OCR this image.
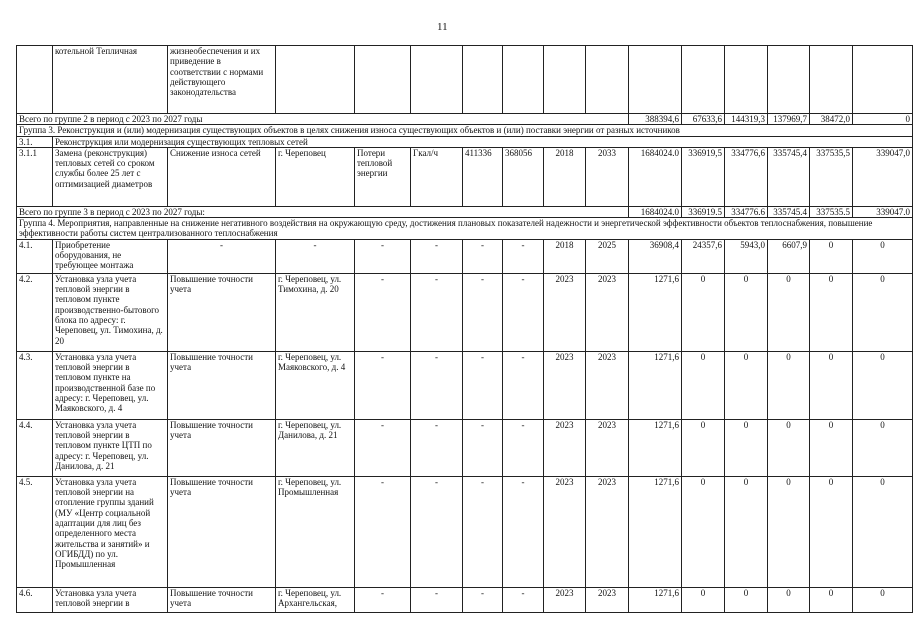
11
	котельной Тепличная	жизнеобеспечения и их приведение в соответствии с нормами действующего законодательства													
Всего по группе 2 в период с 2023 по 2027 годы										388394,6	67633,6	144319,3	137969,7	38472,0	0
Группа 3. Реконструкция и (или) модернизация существующих объектов в целях снижения износа существующих объектов и (или) поставки энергии от разных источников															
3.1.	Реконструкция или модернизация существующих тепловых сетей														
3.1.1	Замена (реконструкция) тепловых сетей со сроком службы более 25 лет с оптимизацией диаметров	Снижение износа сетей	г. Череповец	Потери тепловой энергии	Гкал/ч	411336	368056	2018	2033	1684024.0	336919,5	334776,6	335745,4	337535,5	339047,0
Всего по группе 3 в период с 2023 по 2027 годы:										1684024.0	336919.5	334776.6	335745.4	337535.5	339047.0
Группа 4. Мероприятия, направленные на снижение негативного воздействия на окружающую среду, достижения плановых показателей надежности и энергетической эффективности объектов теплоснабжения, повышение эффективности работы систем централизованного теплоснабжения															
4.1.	Приобретение оборудования, не требующее монтажа	-	-	-	-	-	-	2018	2025	36908,4	24357,6	5943,0	6607,9	0	0
4.2.	Установка узла учета тепловой энергии в тепловом пункте производственно-бытового блока по адресу: г. Череповец, ул. Тимохина, д. 20	Повышение точности учета	г. Череповец, ул. Тимохина, д. 20	-	-	-	-	2023	2023	1271,6	0	0	0	0	0
4.3.	Установка узла учета тепловой энергии в тепловом пункте на производственной базе по адресу: г. Череповец, ул. Маяковского, д. 4	Повышение точности учета	г. Череповец, ул. Маяковского, д. 4	-	-	-	-	2023	2023	1271,6	0	0	0	0	0
4.4.	Установка узла учета тепловой энергии в тепловом пункте ЦТП по адресу: г. Череповец, ул. Данилова, д. 21	Повышение точности учета	г. Череповец, ул. Данилова, д. 21	-	-	-	-	2023	2023	1271,6	0	0	0	0	0
4.5.	Установка узла учета тепловой энергии на отопление группы зданий (МУ «Центр социальной адаптации для лиц без определенного места жительства и занятий» и ОГИБДД) по ул. Промышленная	Повышение точности учета	г. Череповец, ул. Промышленная	-	-	-	-	2023	2023	1271,6	0	0	0	0	0
4.6.	Установка узла учета тепловой энергии в	Повышение точности учета	г. Череповец, ул. Архангельская,	-	-	-	-	2023	2023	1271,6	0	0	0	0	0
